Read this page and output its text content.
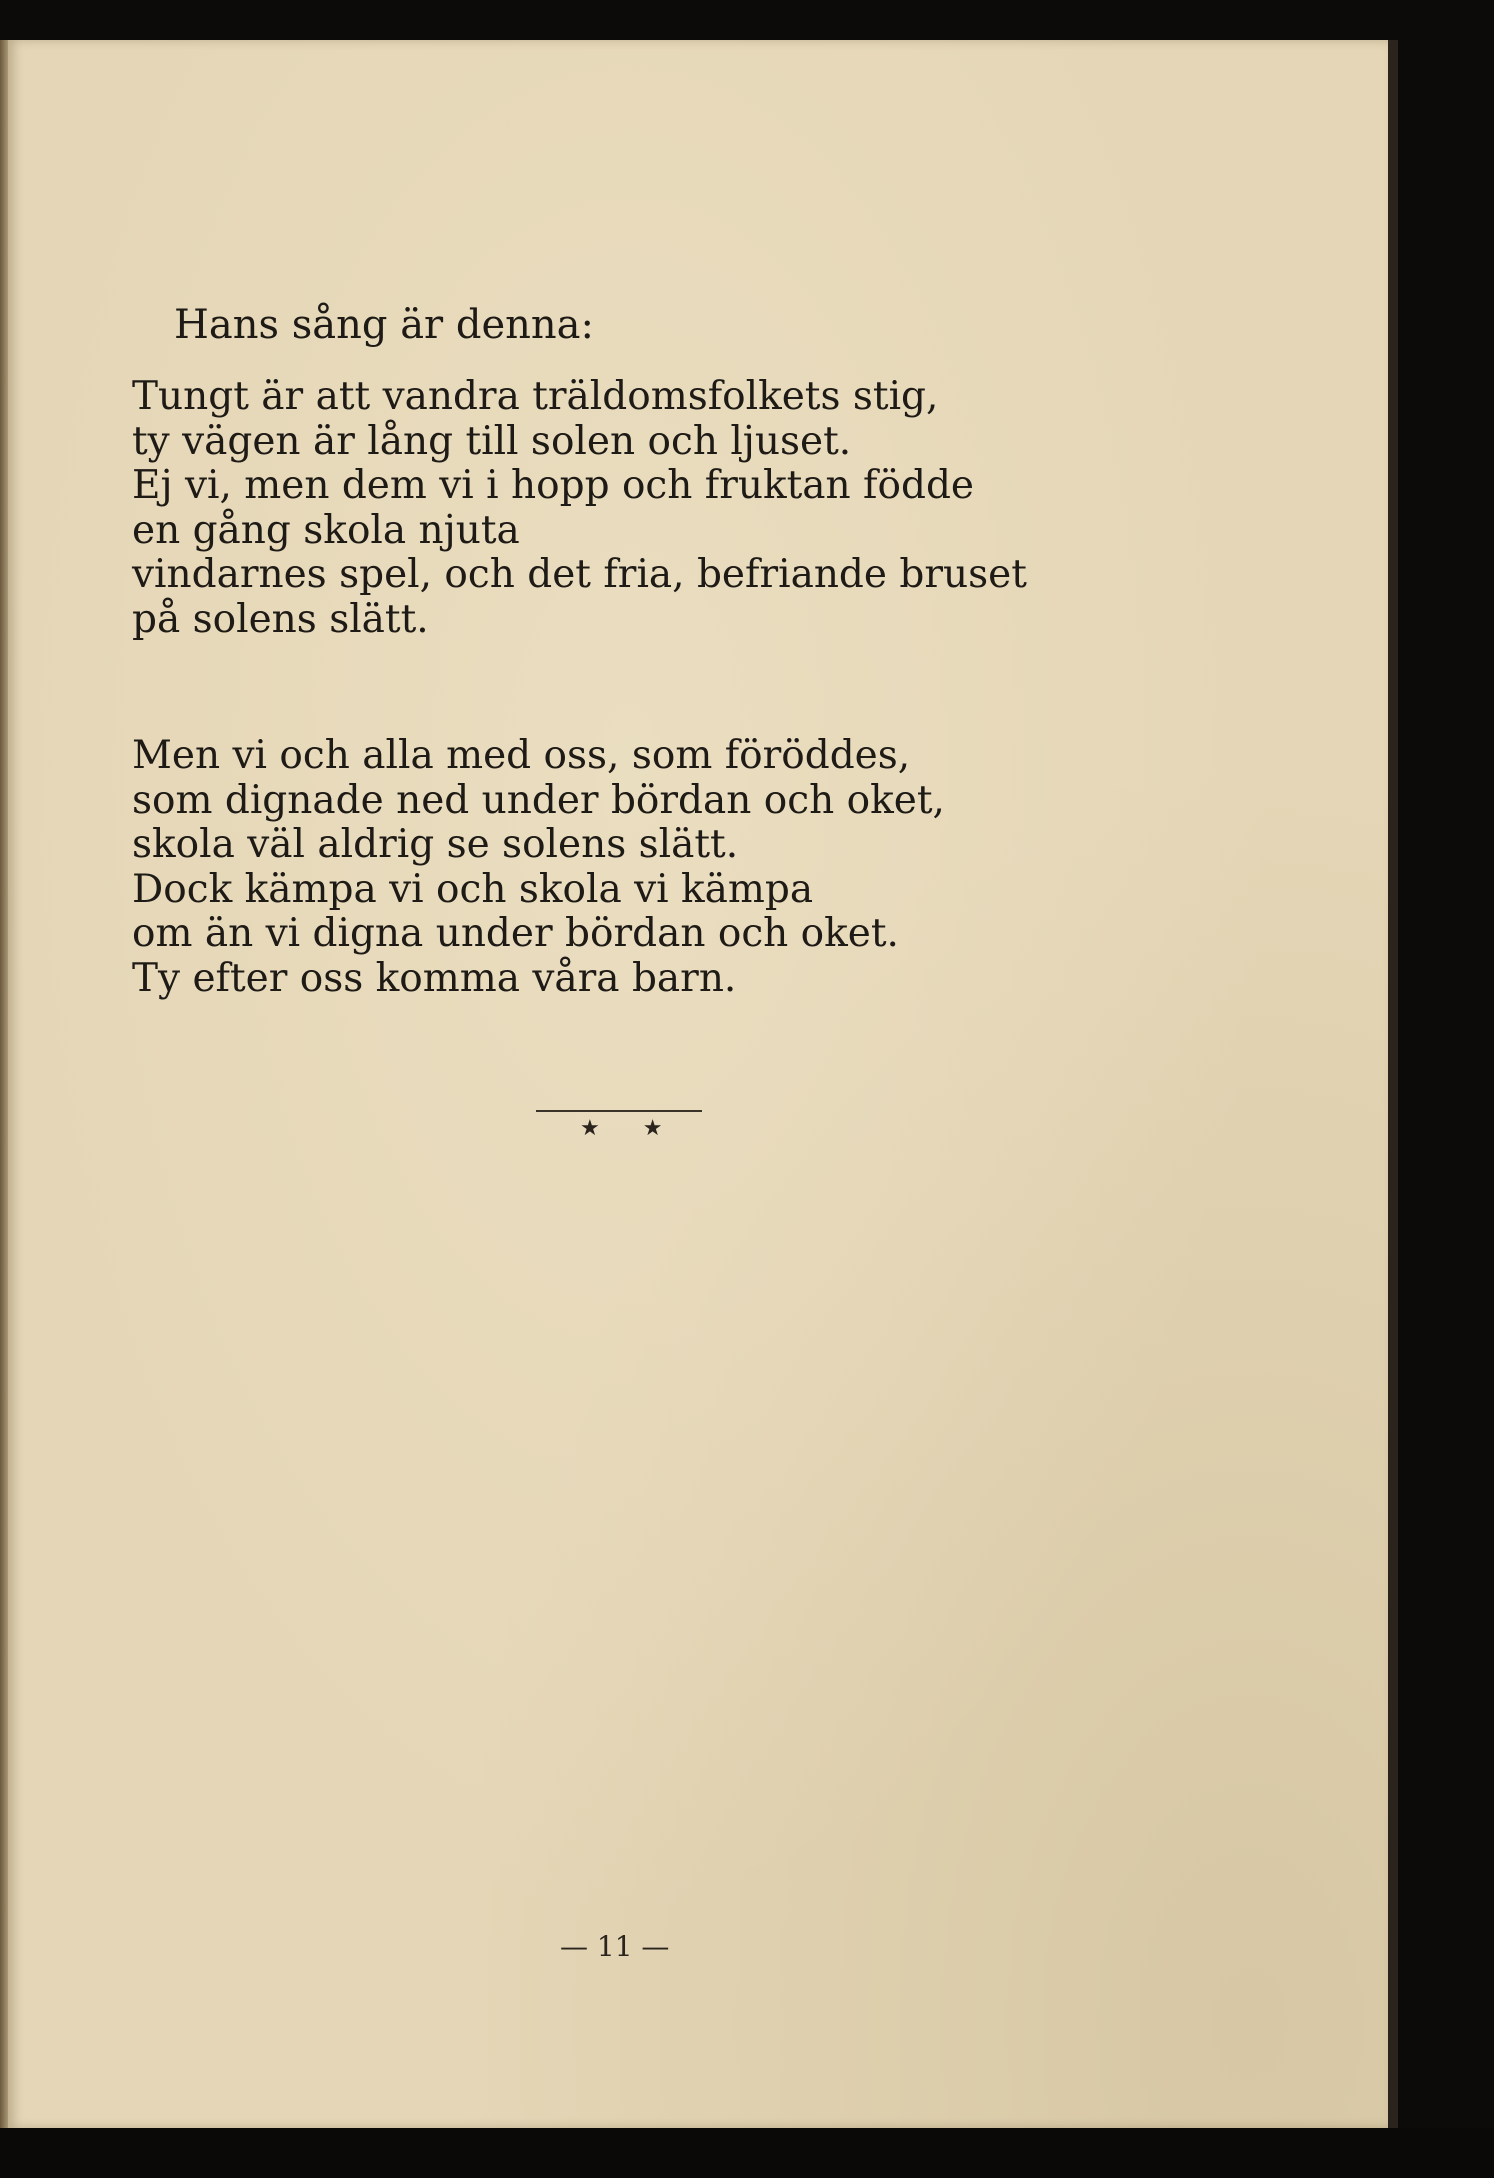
Hans sång är denna:
Tungt är att vandra träldomsfolkets stig,
ty vägen är lång till solen och ljuset.
Ej vi, men dem vi i hopp och fruktan födde
en gång skola njuta
vindarnes spel, och det fria, befriande bruset
på solens slätt.
Men vi och alla med oss, som föröddes,
som dignade ned under bördan och oket,
skola väl aldrig se solens slätt.
Dock kämpa vi och skola vi kämpa
om än vi digna under bördan och oket.
Ty efter oss komma våra barn.
★ ★
— 11 —
